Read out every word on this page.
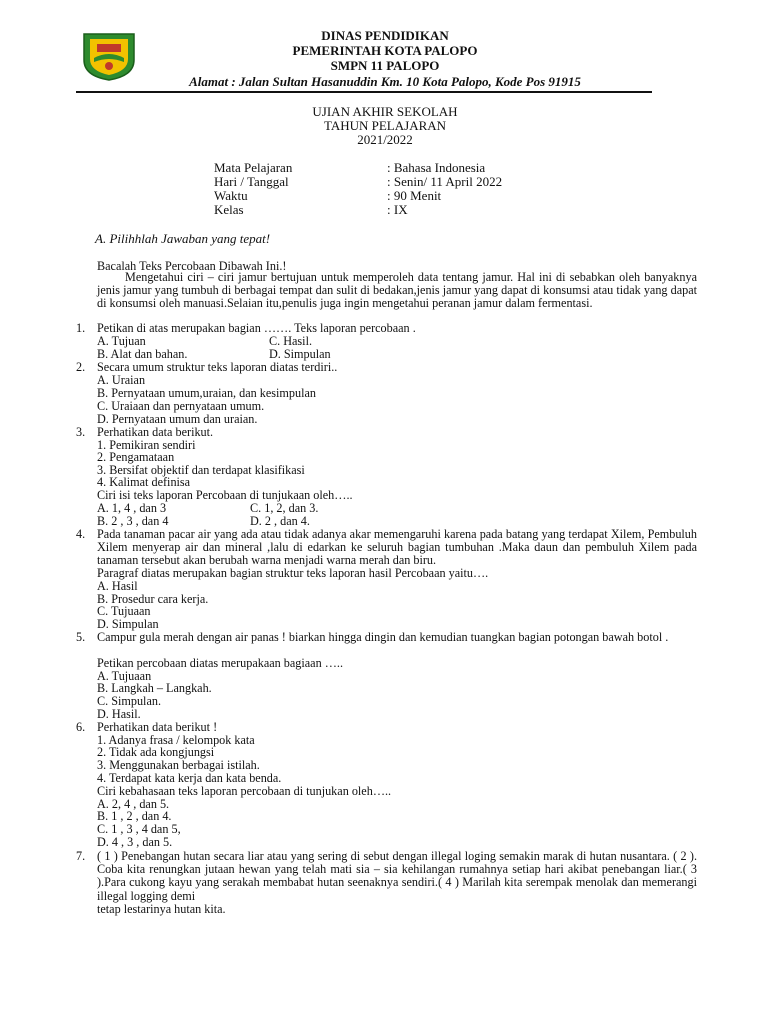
DINAS PENDIDIKAN
PEMERINTAH KOTA PALOPO
SMPN 11 PALOPO
Alamat : Jalan Sultan Hasanuddin Km. 10 Kota Palopo, Kode Pos 91915
UJIAN AKHIR SEKOLAH
TAHUN PELAJARAN
2021/2022
Mata Pelajaran	: Bahasa Indonesia
Hari / Tanggal	: Senin/ 11 April 2022
Waktu	: 90 Menit
Kelas	: IX
A. Pilihhlah Jawaban yang tepat!
Bacalah Teks Percobaan Dibawah Ini.!
Mengetahui ciri – ciri jamur bertujuan untuk memperoleh data tentang jamur. Hal ini di sebabkan oleh banyaknya jenis jamur yang tumbuh di berbagai tempat dan sulit di bedakan,jenis jamur yang dapat di konsumsi atau tidak yang dapat di konsumsi oleh manuasi.Selaian itu,penulis juga ingin mengetahui peranan jamur dalam fermentasi.
1. Petikan di atas merupakan bagian ……. Teks laporan percobaan .
A. Tujuan	C. Hasil.
B. Alat dan bahan.	D. Simpulan
2. Secara umum struktur teks laporan diatas terdiri..
A. Uraian
B. Pernyataan umum,uraian, dan kesimpulan
C. Uraiaan dan pernyataan umum.
D. Pernyataan umum dan uraian.
3. Perhatikan data berikut.
1. Pemikiran sendiri
2. Pengamataan
3. Bersifat objektif dan terdapat klasifikasi
4. Kalimat definisa
Ciri isi teks laporan Percobaan di tunjukaan oleh…..
A. 1, 4 , dan 3	C. 1, 2, dan 3.
B. 2 , 3 , dan 4	D. 2 , dan 4.
4. Pada tanaman pacar air yang ada atau tidak adanya akar memengaruhi karena pada batang yang terdapat Xilem, Pembuluh Xilem menyerap air dan mineral ,lalu di edarkan ke seluruh bagian tumbuhan .Maka daun dan pembuluh Xilem pada tanaman tersebut akan berubah warna menjadi warna merah dan biru.
Paragraf diatas merupakan bagian struktur teks laporan hasil Percobaan yaitu….
A. Hasil
B. Prosedur cara kerja.
C. Tujuaan
D. Simpulan
5. Campur gula merah dengan air panas ! biarkan hingga dingin dan kemudian tuangkan bagian potongan bawah botol .
Petikan percobaan diatas merupakaan bagiaan …..
A. Tujuaan
B. Langkah – Langkah.
C. Simpulan.
D. Hasil.
6. Perhatikan data berikut !
1. Adanya frasa / kelompok kata
2. Tidak ada kongjungsi
3. Menggunakan berbagai istilah.
4. Terdapat kata kerja dan kata benda.
Ciri kebahasaan teks laporan percobaan di tunjukan oleh…..
A. 2, 4 , dan 5.
B. 1 , 2 , dan 4.
C. 1 , 3 , 4 dan 5,
D. 4 , 3 , dan 5.
7. ( 1 ) Penebangan hutan secara liar atau yang sering di sebut dengan illegal loging semakin marak di hutan nusantara. ( 2 ). Coba kita renungkan jutaan hewan yang telah mati sia – sia kehilangan rumahnya setiap hari akibat penebangan liar.( 3 ).Para cukong kayu yang serakah membabat hutan seenaknya sendiri.( 4 ) Marilah kita serempak menolak dan memerangi illegal logging demi
tetap lestarinya hutan kita.
